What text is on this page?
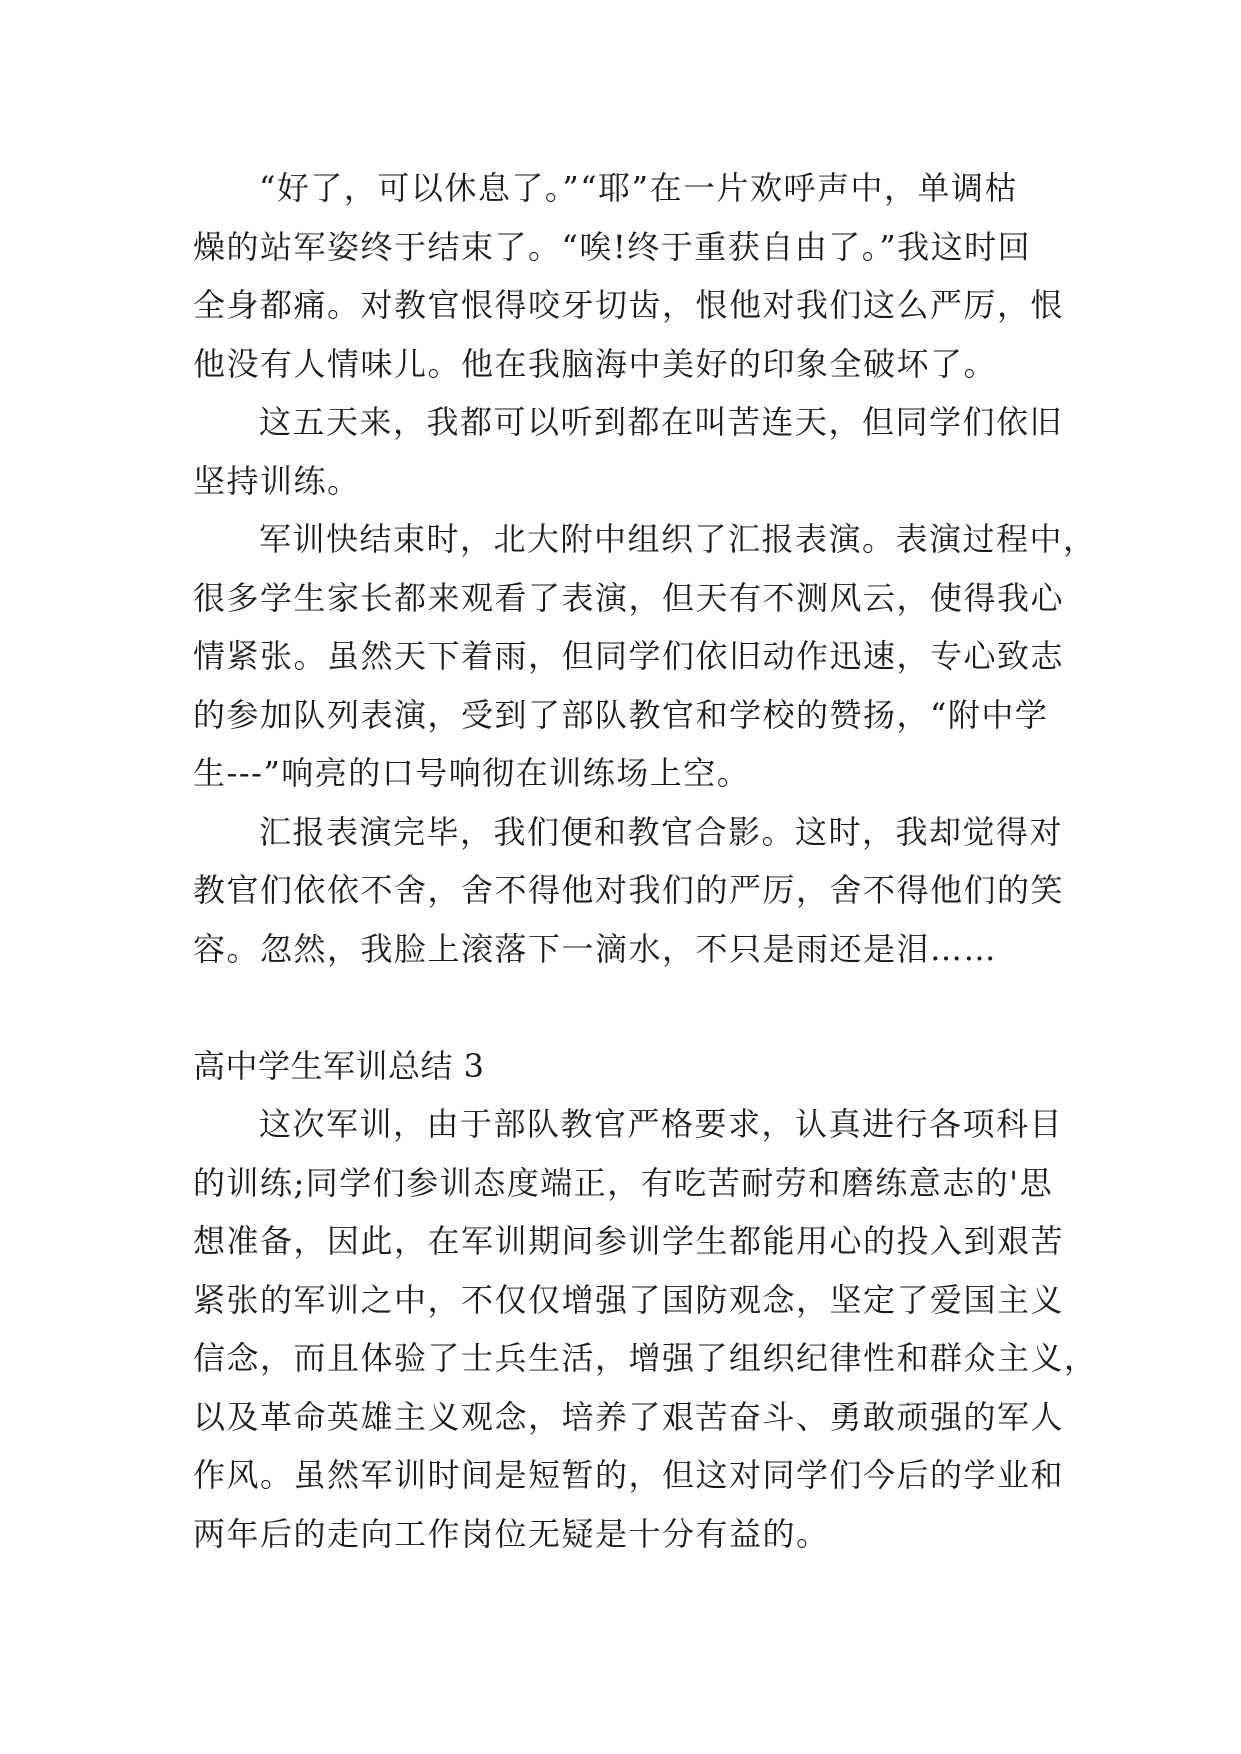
“好了，可以休息了。”“耶”在一片欢呼声中，单调枯
燥的站军姿终于结束了。“唉!终于重获自由了。”我这时回
全身都痛。对教官恨得咬牙切齿，恨他对我们这么严厉，恨
他没有人情味儿。他在我脑海中美好的印象全破坏了。
这五天来，我都可以听到都在叫苦连天，但同学们依旧
坚持训练。
军训快结束时，北大附中组织了汇报表演。表演过程中，
很多学生家长都来观看了表演，但天有不测风云，使得我心
情紧张。虽然天下着雨，但同学们依旧动作迅速，专心致志
的参加队列表演，受到了部队教官和学校的赞扬，“附中学
生---”响亮的口号响彻在训练场上空。
汇报表演完毕，我们便和教官合影。这时，我却觉得对
教官们依依不舍，舍不得他对我们的严厉，舍不得他们的笑
容。忽然，我脸上滚落下一滴水，不只是雨还是泪……
高中学生军训总结 3
这次军训，由于部队教官严格要求，认真进行各项科目
的训练;同学们参训态度端正，有吃苦耐劳和磨练意志的'思
想准备，因此，在军训期间参训学生都能用心的投入到艰苦
紧张的军训之中，不仅仅增强了国防观念，坚定了爱国主义
信念，而且体验了士兵生活，增强了组织纪律性和群众主义，
以及革命英雄主义观念，培养了艰苦奋斗、勇敢顽强的军人
作风。虽然军训时间是短暂的，但这对同学们今后的学业和
两年后的走向工作岗位无疑是十分有益的。
